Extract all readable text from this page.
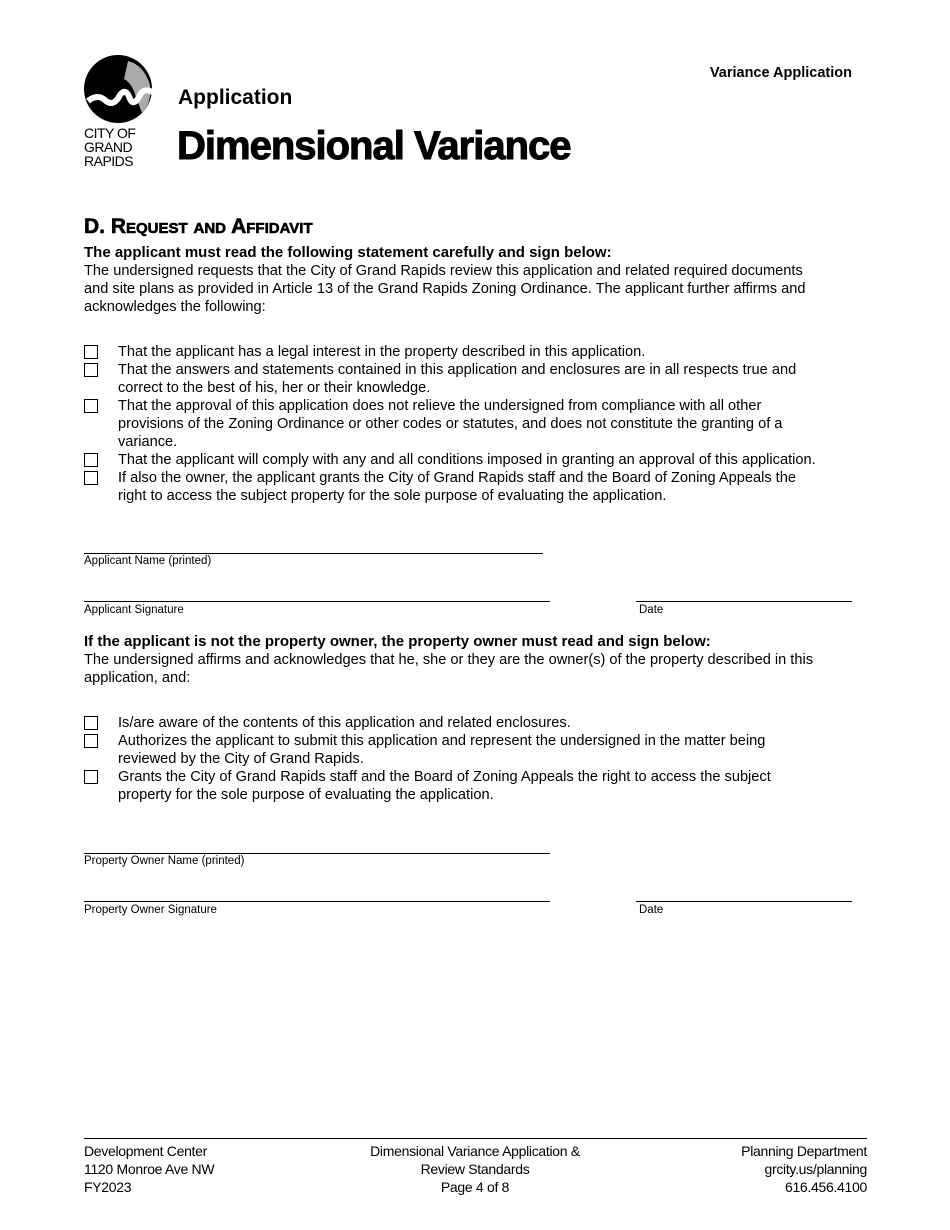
CITY OF
GRAND
RAPIDS
Variance Application
Application
Dimensional Variance
D. Request and Affidavit
The applicant must read the following statement carefully and sign below:
The undersigned requests that the City of Grand Rapids review this application and related required documents
and site plans as provided in Article 13 of the Grand Rapids Zoning Ordinance. The applicant further affirms and
acknowledges the following:
That the applicant has a legal interest in the property described in this application.
That the answers and statements contained in this application and enclosures are in all respects true and
correct to the best of his, her or their knowledge.
That the approval of this application does not relieve the undersigned from compliance with all other
provisions of the Zoning Ordinance or other codes or statutes, and does not constitute the granting of a
variance.
That the applicant will comply with any and all conditions imposed in granting an approval of this application.
If also the owner, the applicant grants the City of Grand Rapids staff and the Board of Zoning Appeals the
right to access the subject property for the sole purpose of evaluating the application.
Applicant Name (printed)
Applicant Signature	Date
If the applicant is not the property owner, the property owner must read and sign below:
The undersigned affirms and acknowledges that he, she or they are the owner(s) of the property described in this
application, and:
Is/are aware of the contents of this application and related enclosures.
Authorizes the applicant to submit this application and represent the undersigned in the matter being
reviewed by the City of Grand Rapids.
Grants the City of Grand Rapids staff and the Board of Zoning Appeals the right to access the subject
property for the sole purpose of evaluating the application.
Property Owner Name (printed)
Property Owner Signature	Date
Development Center
1120 Monroe Ave NW
FY2023
Dimensional Variance Application &
Review Standards
Page 4 of 8
Planning Department
grcity.us/planning
616.456.4100
